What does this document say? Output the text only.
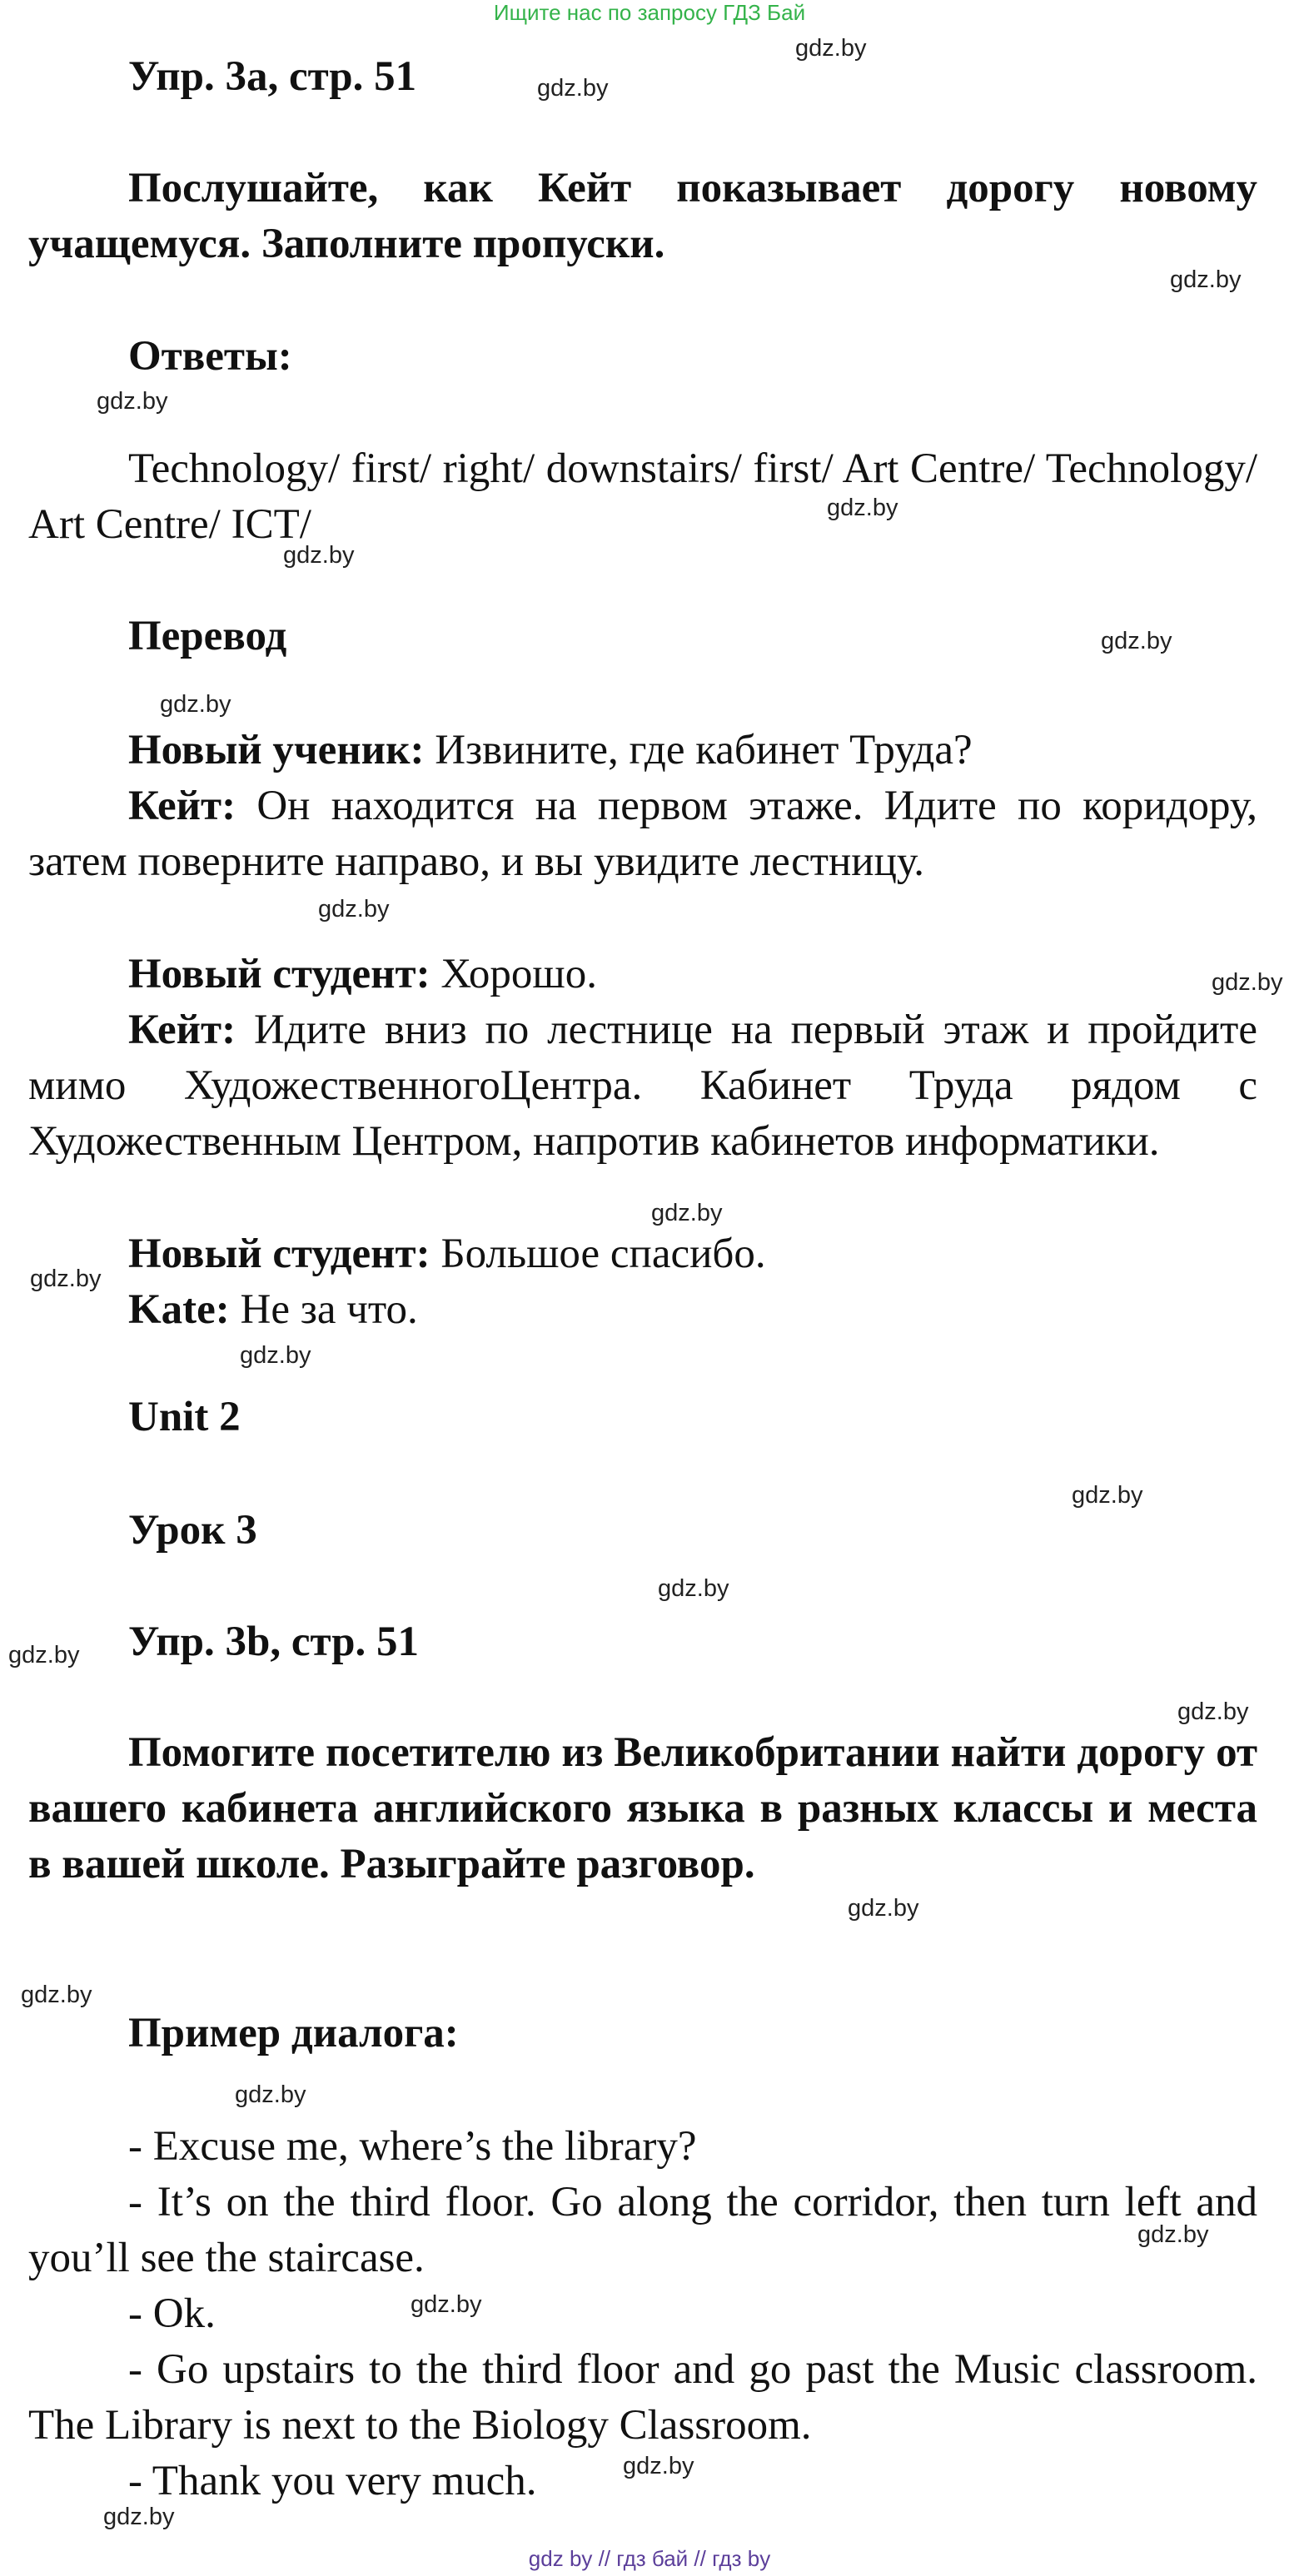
Ищите нас по запросу ГДЗ Бай
Упр. 3a, стр. 51
Послушайте, как Кейт показывает дорогу новому учащемуся. Заполните пропуски.
Ответы:
Technology/ first/ right/ downstairs/ first/ Art Centre/ Technology/ Art Centre/ ICT/
Перевод
Новый ученик: Извините, где кабинет Труда?
Кейт: Он находится на первом этаже. Идите по коридору, затем поверните направо, и вы увидите лестницу.
Новый студент: Хорошо.
Кейт: Идите вниз по лестнице на первый этаж и пройдите мимо ХудожественногоЦентра. Кабинет Труда рядом с Художественным Центром, напротив кабинетов информатики.
Новый студент: Большое спасибо.
Kate: Не за что.
Unit 2
Урок 3
Упр. 3b, стр. 51
Помогите посетителю из Великобритании найти дорогу от вашего кабинета английского языка в разных классы и места в вашей школе. Разыграйте разговор.
Пример диалога:
- Excuse me, where’s the library?
- It’s on the third floor. Go along the corridor, then turn left and you’ll see the staircase.
- Ok.
- Go upstairs to the third floor and go past the Music classroom. The Library is next to the Biology Classroom.
- Thank you very much.
gdz.by
gdz.by
gdz.by
gdz.by
gdz.by
gdz.by
gdz.by
gdz.by
gdz.by
gdz.by
gdz.by
gdz.by
gdz.by
gdz.by
gdz.by
gdz.by
gdz.by
gdz.by
gdz.by
gdz.by
gdz.by
gdz.by
gdz.by
gdz.by
gdz by // гдз бай // гдз by
